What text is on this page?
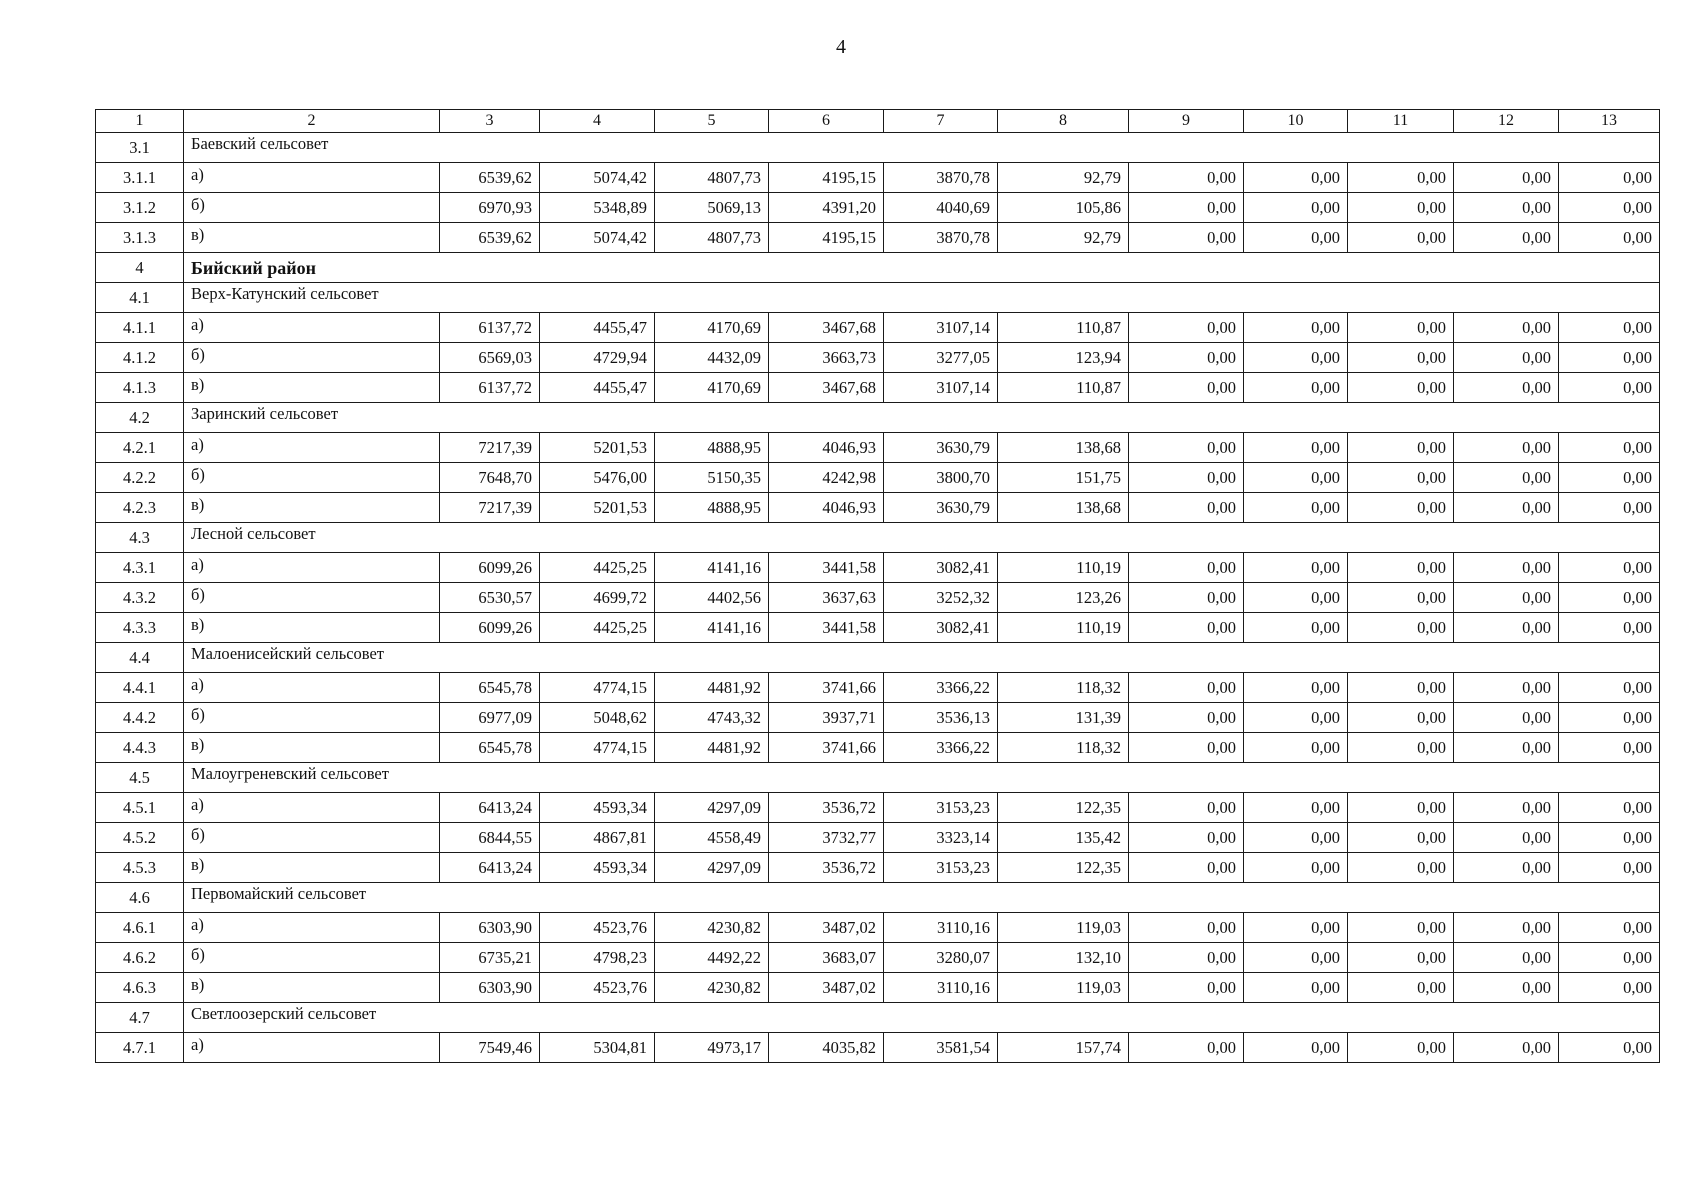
4
1	2	3	4	5	6	7	8	9	10	11	12	13
3.1	Баевский сельсовет											
3.1.1	а)	6539,62	5074,42	4807,73	4195,15	3870,78	92,79	0,00	0,00	0,00	0,00	0,00
3.1.2	б)	6970,93	5348,89	5069,13	4391,20	4040,69	105,86	0,00	0,00	0,00	0,00	0,00
3.1.3	в)	6539,62	5074,42	4807,73	4195,15	3870,78	92,79	0,00	0,00	0,00	0,00	0,00
4	Бийский район											
4.1	Верх-Катунский сельсовет											
4.1.1	а)	6137,72	4455,47	4170,69	3467,68	3107,14	110,87	0,00	0,00	0,00	0,00	0,00
4.1.2	б)	6569,03	4729,94	4432,09	3663,73	3277,05	123,94	0,00	0,00	0,00	0,00	0,00
4.1.3	в)	6137,72	4455,47	4170,69	3467,68	3107,14	110,87	0,00	0,00	0,00	0,00	0,00
4.2	Заринский сельсовет											
4.2.1	а)	7217,39	5201,53	4888,95	4046,93	3630,79	138,68	0,00	0,00	0,00	0,00	0,00
4.2.2	б)	7648,70	5476,00	5150,35	4242,98	3800,70	151,75	0,00	0,00	0,00	0,00	0,00
4.2.3	в)	7217,39	5201,53	4888,95	4046,93	3630,79	138,68	0,00	0,00	0,00	0,00	0,00
4.3	Лесной сельсовет											
4.3.1	а)	6099,26	4425,25	4141,16	3441,58	3082,41	110,19	0,00	0,00	0,00	0,00	0,00
4.3.2	б)	6530,57	4699,72	4402,56	3637,63	3252,32	123,26	0,00	0,00	0,00	0,00	0,00
4.3.3	в)	6099,26	4425,25	4141,16	3441,58	3082,41	110,19	0,00	0,00	0,00	0,00	0,00
4.4	Малоенисейский сельсовет											
4.4.1	а)	6545,78	4774,15	4481,92	3741,66	3366,22	118,32	0,00	0,00	0,00	0,00	0,00
4.4.2	б)	6977,09	5048,62	4743,32	3937,71	3536,13	131,39	0,00	0,00	0,00	0,00	0,00
4.4.3	в)	6545,78	4774,15	4481,92	3741,66	3366,22	118,32	0,00	0,00	0,00	0,00	0,00
4.5	Малоугреневский сельсовет											
4.5.1	а)	6413,24	4593,34	4297,09	3536,72	3153,23	122,35	0,00	0,00	0,00	0,00	0,00
4.5.2	б)	6844,55	4867,81	4558,49	3732,77	3323,14	135,42	0,00	0,00	0,00	0,00	0,00
4.5.3	в)	6413,24	4593,34	4297,09	3536,72	3153,23	122,35	0,00	0,00	0,00	0,00	0,00
4.6	Первомайский сельсовет											
4.6.1	а)	6303,90	4523,76	4230,82	3487,02	3110,16	119,03	0,00	0,00	0,00	0,00	0,00
4.6.2	б)	6735,21	4798,23	4492,22	3683,07	3280,07	132,10	0,00	0,00	0,00	0,00	0,00
4.6.3	в)	6303,90	4523,76	4230,82	3487,02	3110,16	119,03	0,00	0,00	0,00	0,00	0,00
4.7	Светлоозерский сельсовет											
4.7.1	а)	7549,46	5304,81	4973,17	4035,82	3581,54	157,74	0,00	0,00	0,00	0,00	0,00
